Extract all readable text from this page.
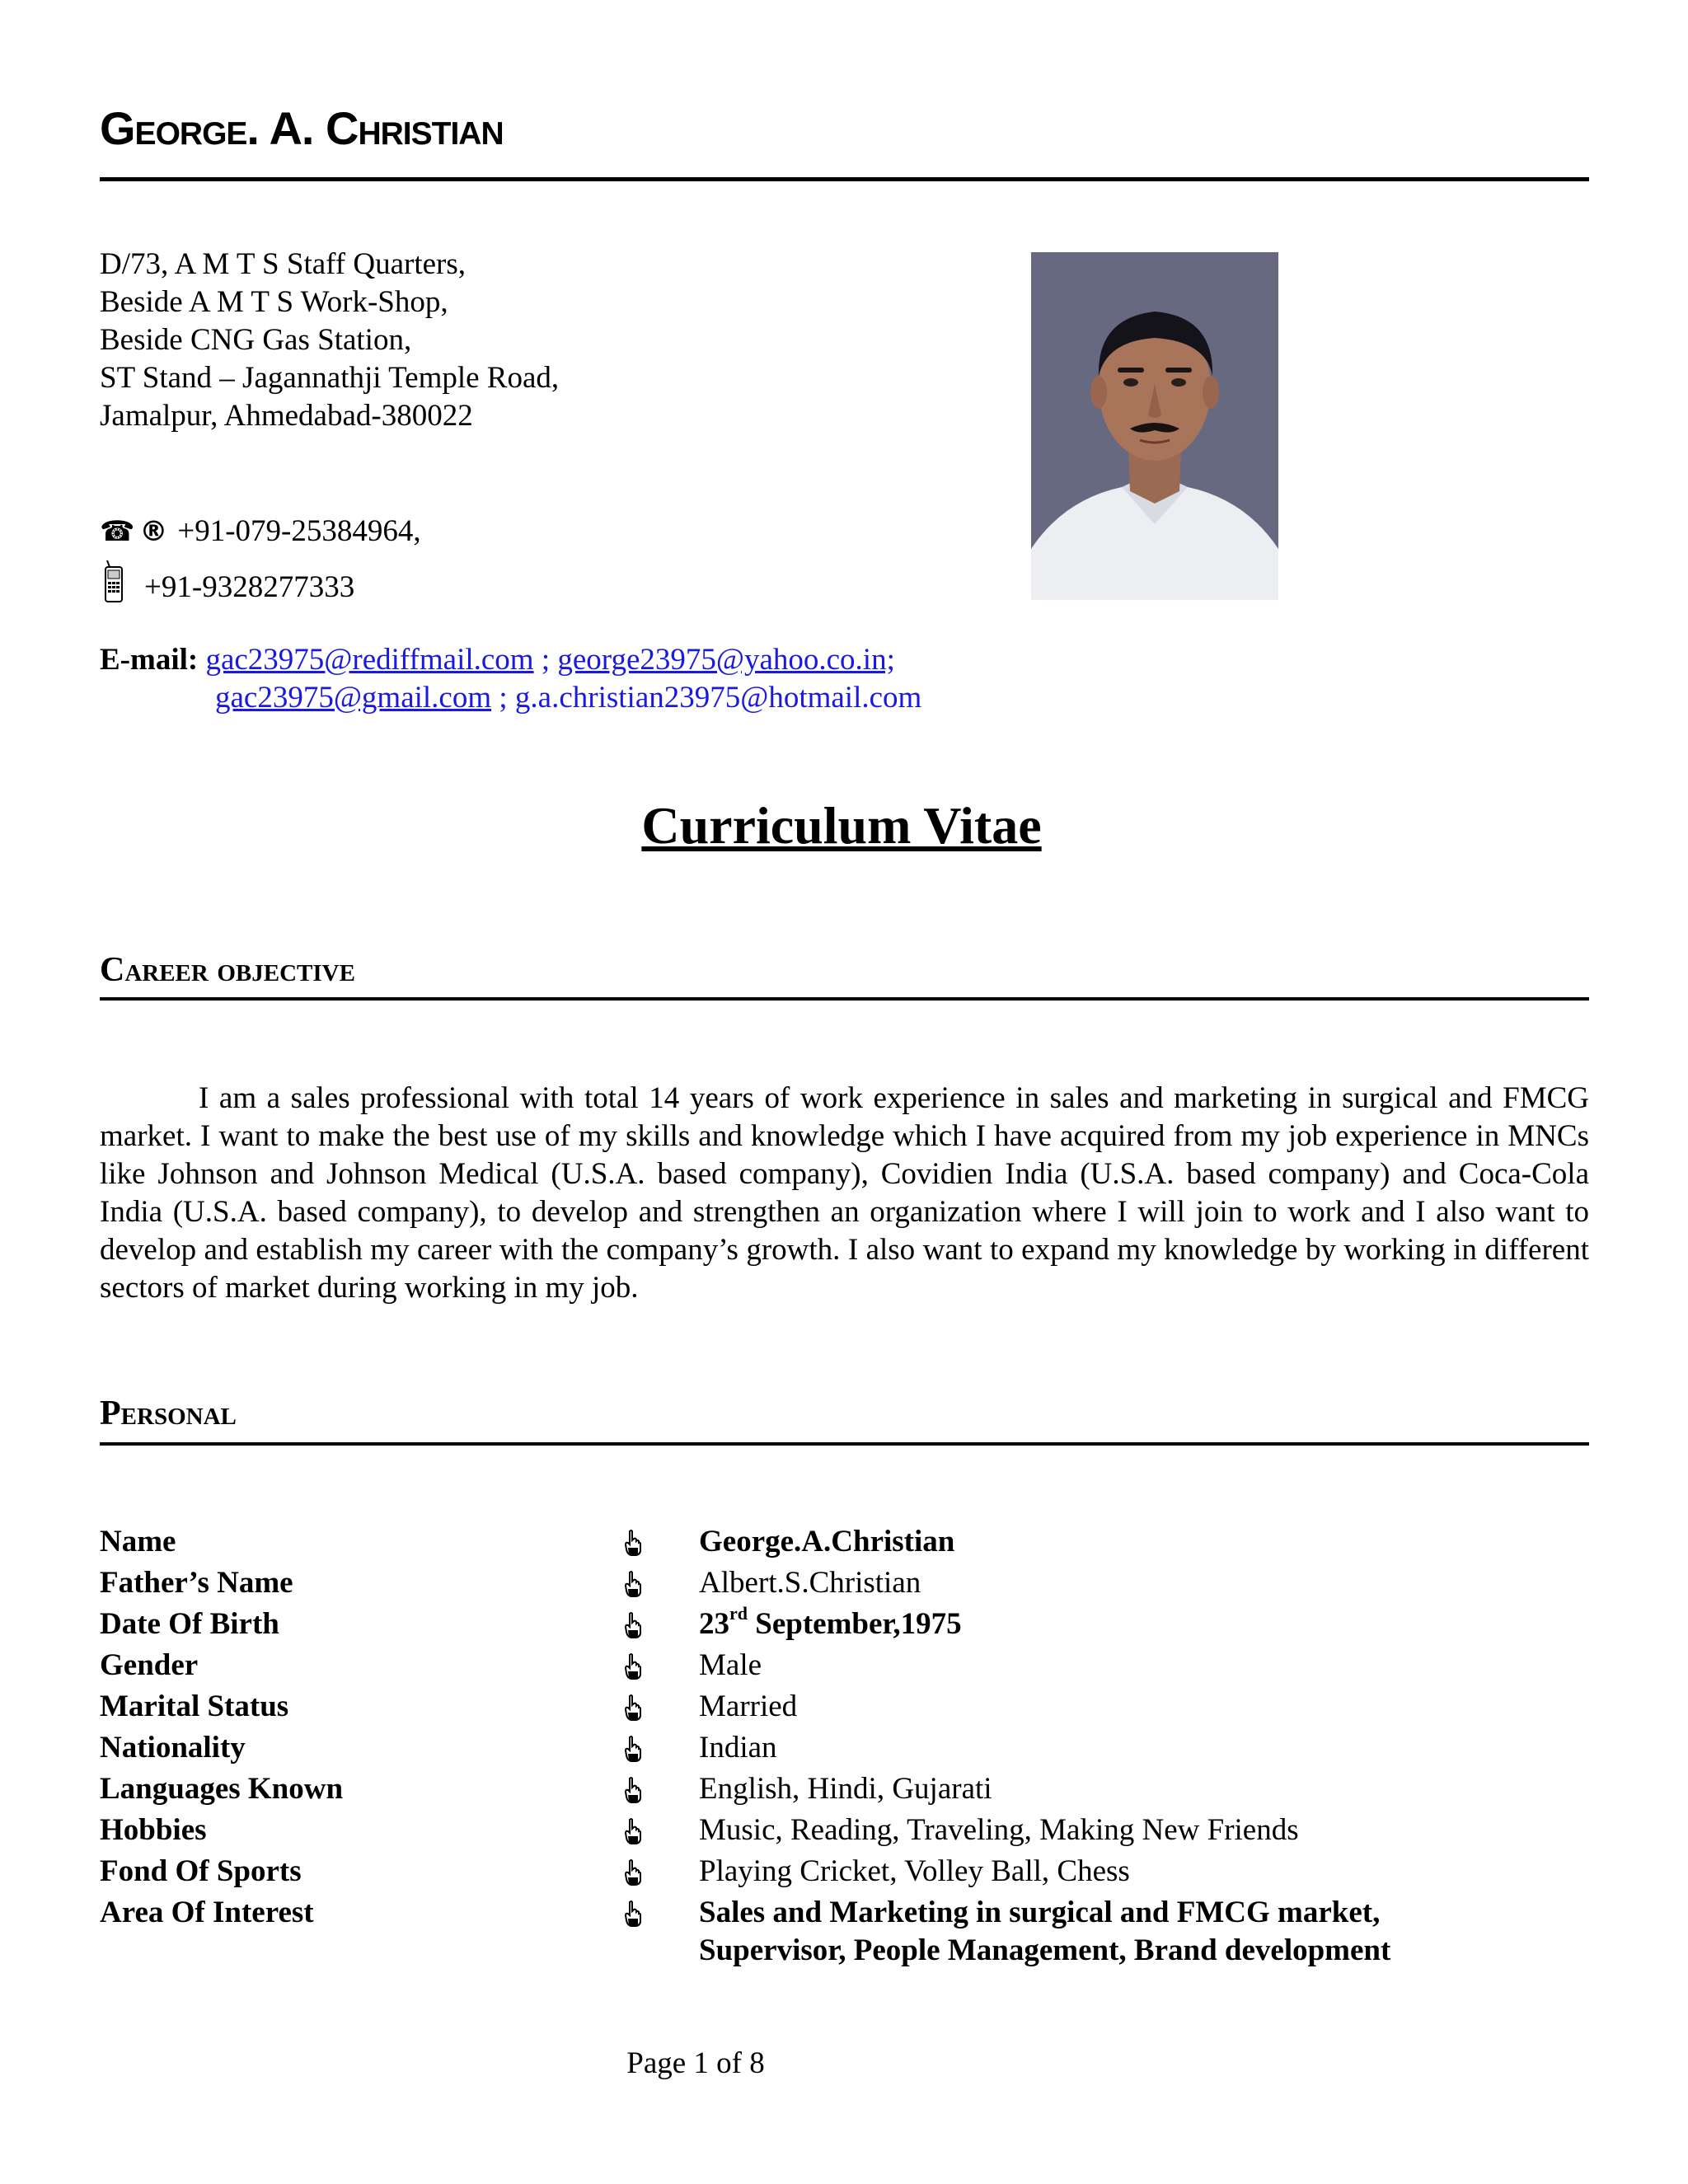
George. A. Christian
D/73, A M T S Staff Quarters,
Beside A M T S Work-Shop,
Beside CNG Gas Station,
ST Stand – Jagannathji Temple Road,
Jamalpur, Ahmedabad-380022
☎ ® +91-079-25384964,
+91-9328277333
E-mail: gac23975@rediffmail.com ; george23975@yahoo.co.in;
gac23975@gmail.com ; g.a.christian23975@hotmail.com
Curriculum Vitae
Career objective
I am a sales professional with total 14 years of work experience in sales and marketing in surgical and FMCG market. I want to make the best use of my skills and knowledge which I have acquired from my job experience in MNCs like Johnson and Johnson Medical (U.S.A. based company), Covidien India (U.S.A. based company) and Coca-Cola India (U.S.A. based company), to develop and strengthen an organization where I will join to work and I also want to develop and establish my career with the company’s growth. I also want to expand my knowledge by working in different sectors of market during working in my job.
Personal
Name	George.A.Christian
Father’s Name	Albert.S.Christian
Date Of Birth	23rd September,1975
Gender	Male
Marital Status	Married
Nationality	Indian
Languages Known	English, Hindi, Gujarati
Hobbies	Music, Reading, Traveling, Making New Friends
Fond Of Sports	Playing Cricket, Volley Ball, Chess
Area Of Interest	Sales and Marketing in surgical and FMCG market,
Supervisor, People Management, Brand development
Page 1 of 8
